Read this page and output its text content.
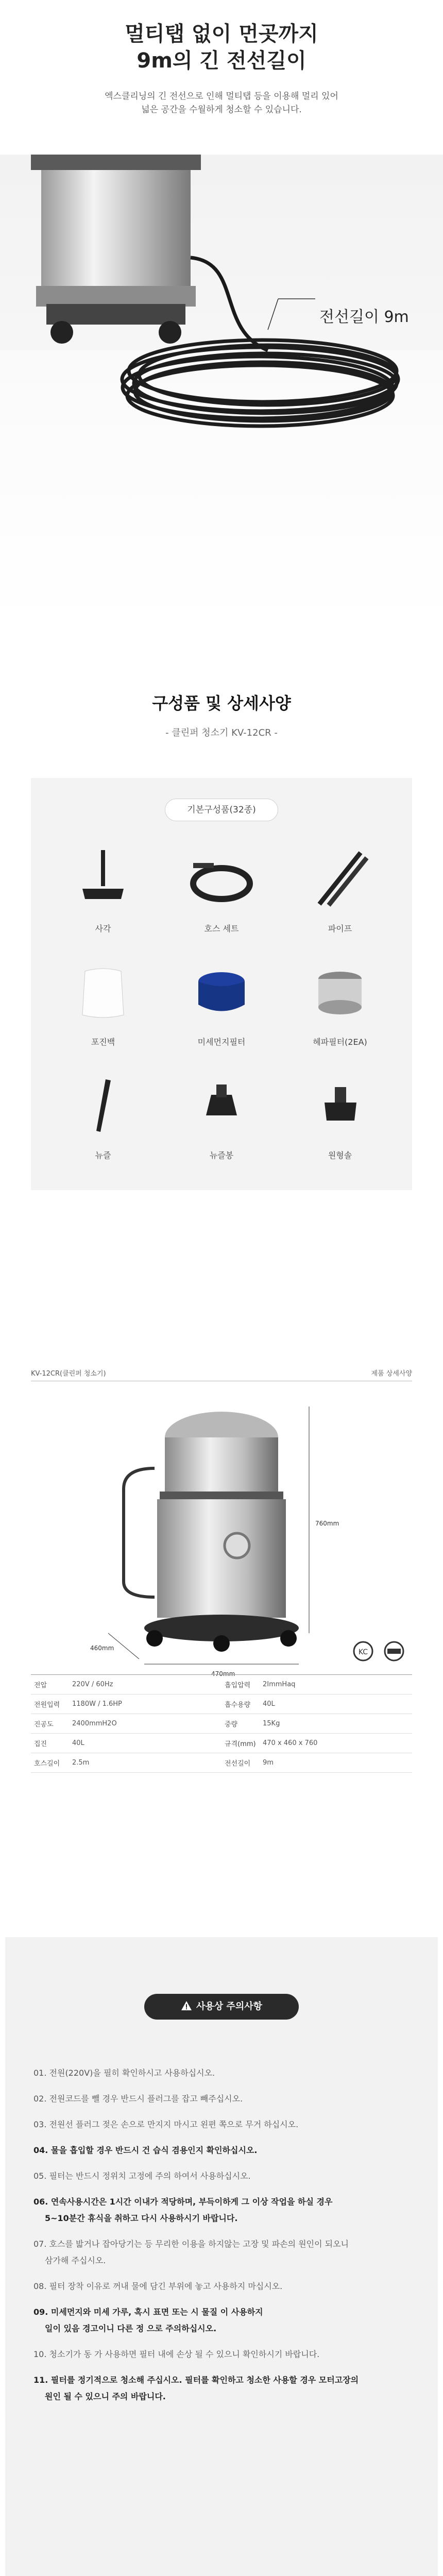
멀티탭 없이 먼곳까지
9m의 긴 전선길이
엑스클리닝의 긴 전선으로 인해 멀티탭 등을 이용해 멀리 있어
넓은 공간을 수월하게 청소할 수 있습니다.
전선길이 9m
구성품 및 상세사양
- 클린퍼 청소기 KV-12CR -
기본구성품(32종)
사각	호스 세트	파이프
포진백	미세먼지필터	헤파필터(2EA)
뉴즐	뉴즐봉	원형솔
KV-12CR(클린퍼 청소기)	제품 상세사양
760mm
470mm
460mm	KC
전압	220V / 60Hz	흡입압력	2ImmHaq
전원입력	1180W / 1.6HP	흡수용량	40L
진공도	2400mmH2O	중량	15Kg
집진	40L	규격(mm)	470 x 460 x 760
호스길이	2.5m	전선길이	9m
사용상 주의사항

01. 전원(220V)을 필히 확인하시고 사용하십시오.

02. 전원코드를 뺄 경우 반드시 플러그를 잡고 빼주십시오.

03. 전원선 플러그 젖은 손으로 만지지 마시고 왼편 쪽으로 무거 하십시오.

04. 물을 흡입할 경우 반드시 건 습식 겸용인지 확인하십시오.

05. 필터는 반드시 정위치 고정에 주의 하여서 사용하십시오.

06. 연속사용시간은 1시간 이내가 적당하며, 부득이하게 그 이상 작업을 하실 경우

5~10분간 휴식을 취하고 다시 사용하시기 바랍니다.

07. 호스를 밟거나 잡아당기는 등 무리한 이용을 하지않는 고장 및 파손의 원인이 되오니

삼가해 주십시오.

08. 필터 장착 이유로 꺼내 물에 담긴 부위에 놓고 사용하지 마십시오.

09. 미세먼지와 미세 가루, 혹시 표면 또는 시 물질 이 사용하지

일이 있음 경고이니 다른 정 으로 주의하십시오.

10. 청소기가 동 가 사용하면 필터 내에 손상 될 수 있으니 확인하시기 바랍니다.

11. 필터를 정기적으로 청소해 주십시오. 필터를 확인하고 청소한 사용할 경우 모터고장의

원인 될 수 있으니 주의 바랍니다.
